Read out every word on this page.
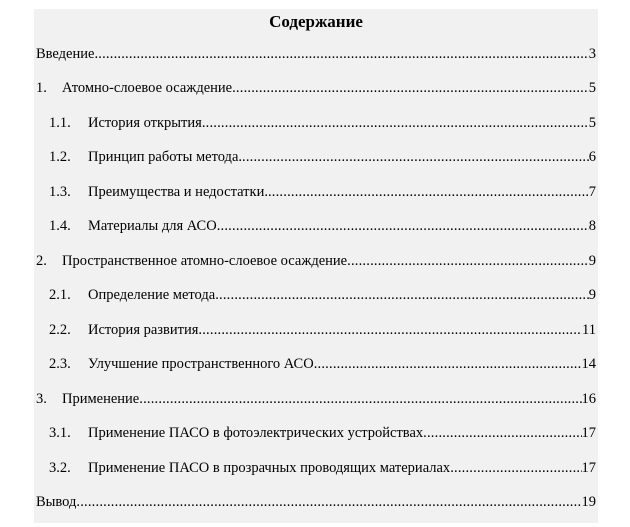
Содержание
Введение .....	3
1.	Атомно-слоевое осаждение .....	5
1.1.	История открытия .....	5
1.2.	Принцип работы метода. .....	6
1.3.	Преимущества и недостатки. .....	7
1.4.	Материалы для АСО .....	8
2.	Пространственное атомно-слоевое осаждение .....	9
2.1.	Определение метода .....	9
2.2.	История развития .....	11
2.3.	Улучшение пространственного АСО .....	14
3.	Применение .....	16
3.1.	Применение ПАСО в фотоэлектрических устройствах .....	17
3.2.	Применение ПАСО в прозрачных проводящих материалах .....	17
Вывод .....	19
